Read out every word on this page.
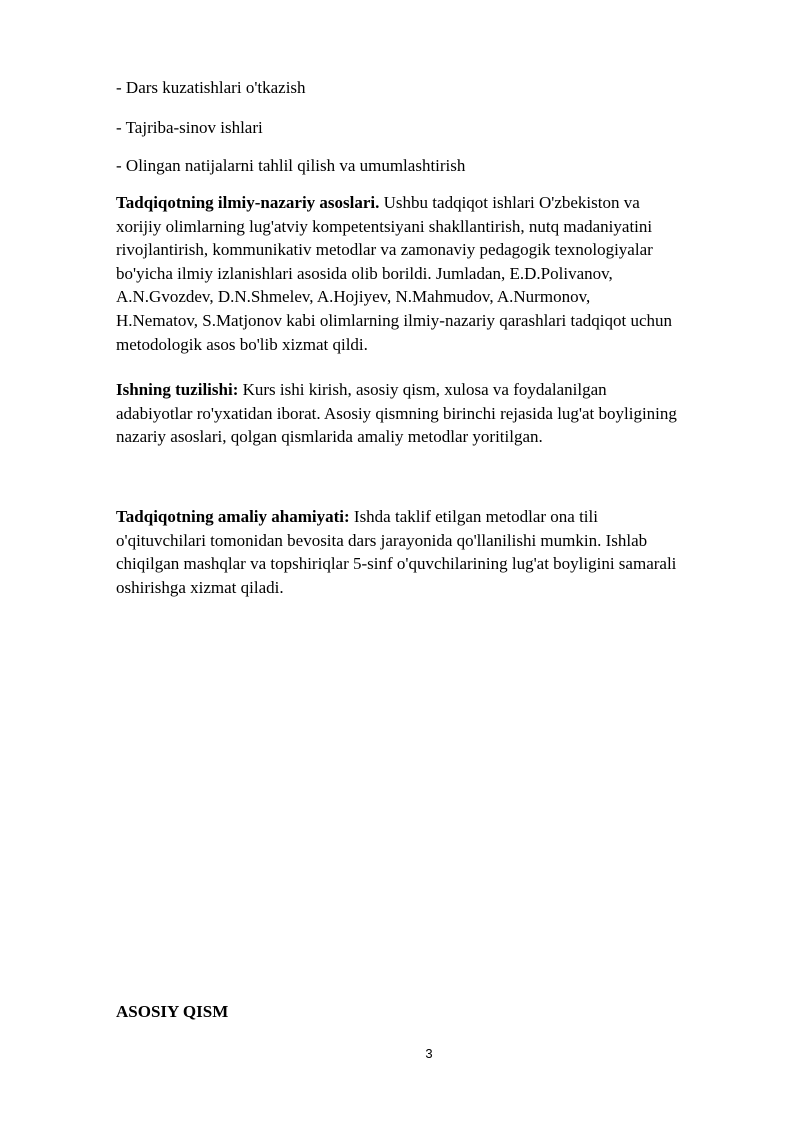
- Dars kuzatishlari o'tkazish
- Tajriba-sinov ishlari
- Olingan natijalarni tahlil qilish va umumlashtirish
Tadqiqotning ilmiy-nazariy asoslari. Ushbu tadqiqot ishlari O'zbekiston va
xorijiy olimlarning lug'atviy kompetentsiyani shakllantirish, nutq madaniyatini
rivojlantirish, kommunikativ metodlar va zamonaviy pedagogik texnologiyalar
bo'yicha ilmiy izlanishlari asosida olib borildi. Jumladan, E.D.Polivanov,
A.N.Gvozdev, D.N.Shmelev, A.Hojiyev, N.Mahmudov, A.Nurmonov,
H.Nematov, S.Matjonov kabi olimlarning ilmiy-nazariy qarashlari tadqiqot uchun
metodologik asos bo'lib xizmat qildi.
Ishning tuzilishi: Kurs ishi kirish, asosiy qism, xulosa va foydalanilgan
adabiyotlar ro'yxatidan iborat. Asosiy qismning birinchi rejasida lug'at boyligining
nazariy asoslari, qolgan qismlarida amaliy metodlar yoritilgan.
Tadqiqotning amaliy ahamiyati: Ishda taklif etilgan metodlar ona tili
o'qituvchilari tomonidan bevosita dars jarayonida qo'llanilishi mumkin. Ishlab
chiqilgan mashqlar va topshiriqlar 5-sinf o'quvchilarining lug'at boyligini samarali
oshirishga xizmat qiladi.
ASOSIY QISM
3
